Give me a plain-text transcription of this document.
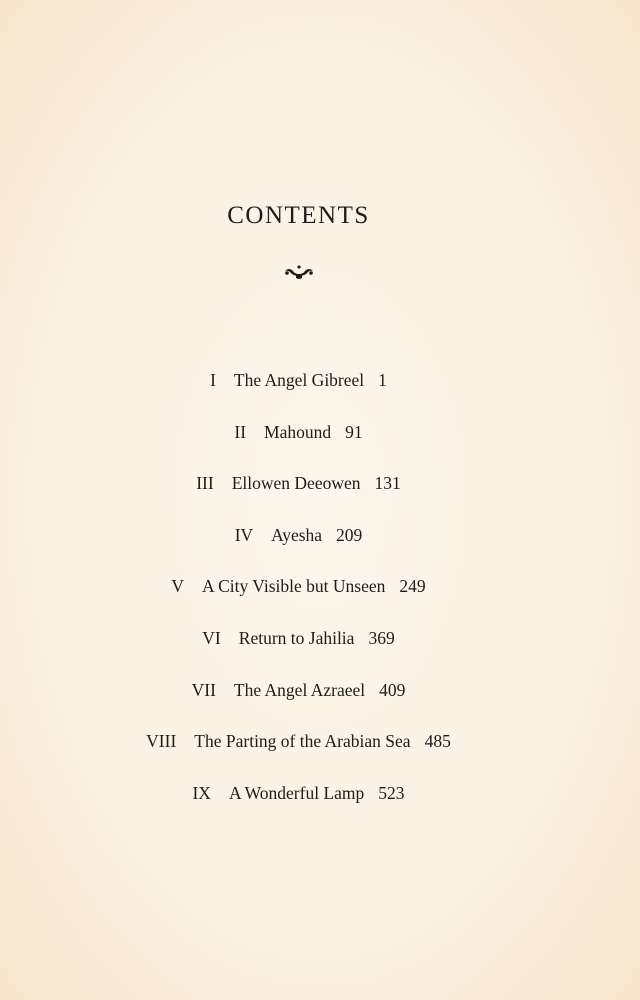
CONTENTS
I The Angel Gibreel 1
II Mahound 91
III Ellowen Deeowen 131
IV Ayesha 209
V A City Visible but Unseen 249
VI Return to Jahilia 369
VII The Angel Azraeel 409
VIII The Parting of the Arabian Sea 485
IX A Wonderful Lamp 523
